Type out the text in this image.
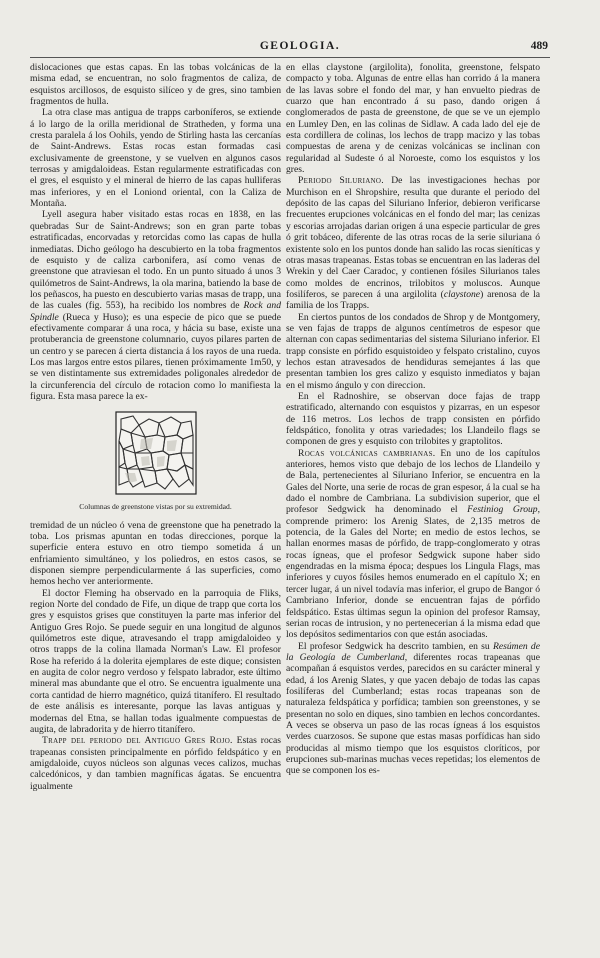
GEOLOGIA.	489

dislocaciones que estas capas. En las tobas volcánicas de la misma edad, se encuentran, no solo fragmentos de caliza, de esquistos arcillosos, de esquisto silíceo y de gres, sino tambien fragmentos de hulla.

La otra clase mas antigua de trapps carboníferos, se extiende á lo largo de la orilla meridional de Stratheden, y forma una cresta paralela á los Oohils, yendo de Stirling hasta las cercanías de Saint-Andrews. Estas rocas estan formadas casi exclusivamente de greenstone, y se vuelven en algunos casos terrosas y amigdaloideas. Estan regularmente estratificadas con el gres, el esquisto y el mineral de hierro de las capas hulliferas mas inferiores, y en el Loniond oriental, con la Caliza de Montaña.

Lyell asegura haber visitado estas rocas en 1838, en las quebradas Sur de Saint-Andrews; son en gran parte tobas estratificadas, encorvadas y retorcidas como las capas de hulla inmediatas. Dicho geólogo ha descubierto en la toba fragmentos de esquisto y de caliza carbonifera, así como venas de greenstone que atraviesan el todo. En un punto situado á unos 3 quilómetros de Saint-Andrews, la ola marina, batiendo la base de los peñascos, ha puesto en descubierto varias masas de trapp, una de las cuales (fig. 553), ha recibido los nombres de Rock and Spindle (Rueca y Huso); es una especie de pico que se puede efectivamente comparar á una roca, y hácia su base, existe una protuberancia de greenstone columnario, cuyos pilares parten de un centro y se parecen á cierta distancia á los rayos de una rueda. Los mas largos entre estos pilares, tienen próximamente 1m50, y se ven distintamente sus extremidades poligonales alrededor de la circunferencia del círculo de rotacion como lo manifiesta la figura. Esta masa parece la ex-

Columnas de greenstone vistas por su extremidad.

tremidad de un núcleo ó vena de greenstone que ha penetrado la toba. Los prismas apuntan en todas direcciones, porque la superficie entera estuvo en otro tiempo sometida á un enfriamiento simultáneo, y los poliedros, en estos casos, se disponen siempre perpendicularmente á las superficies, como hemos hecho ver anteriormente.

El doctor Fleming ha observado en la parroquia de Fliks, region Norte del condado de Fife, un dique de trapp que corta los gres y esquistos grises que constituyen la parte mas inferior del Antiguo Gres Rojo. Se puede seguir en una longitud de algunos quilómetros este dique, atravesando el trapp amigdaloideo y otros trapps de la colina llamada Norman's Law. El profesor Rose ha referido á la dolerita ejemplares de este dique; consisten en augita de color negro verdoso y felspato labrador, este último mineral mas abundante que el otro. Se encuentra igualmente una corta cantidad de hierro magnético, quizá titanífero. El resultado de este análisis es interesante, porque las lavas antiguas y modernas del Etna, se hallan todas igualmente compuestas de augita, de labradorita y de hierro titanífero.

Trapp del periodo del Antiguo Gres Rojo. Estas rocas trapeanas consisten principalmente en pórfido feldspático y en amigdaloide, cuyos núcleos son algunas veces calizos, muchas calcedónicos, y dan tambien magníficas ágatas. Se encuentra igualmente

en ellas claystone (argilolita), fonolita, greenstone, felspato compacto y toba. Algunas de entre ellas han corrido á la manera de las lavas sobre el fondo del mar, y han envuelto piedras de cuarzo que han encontrado á su paso, dando origen á conglomerados de pasta de greenstone, de que se ve un ejemplo en Lumley Den, en las colinas de Sidlaw. A cada lado del eje de esta cordillera de colinas, los lechos de trapp macizo y las tobas compuestas de arena y de cenizas volcánicas se inclinan con regularidad al Sudeste ó al Noroeste, como los esquistos y los gres.

Periodo Siluriano. De las investigaciones hechas por Murchison en el Shropshire, resulta que durante el periodo del depósito de las capas del Siluriano Inferior, debieron verificarse frecuentes erupciones volcánicas en el fondo del mar; las cenizas y escorias arrojadas darian origen á una especie particular de gres ó grit tobáceo, diferente de las otras rocas de la serie siluriana ó existente solo en los puntos donde han salido las rocas sieníticas y otras masas trapeanas. Estas tobas se encuentran en las laderas del Wrekin y del Caer Caradoc, y contienen fósiles Silurianos tales como moldes de encrinos, trilobitos y moluscos. Aunque fosilíferos, se parecen á una argilolita (claystone) arenosa de la familia de los Trapps.

En ciertos puntos de los condados de Shrop y de Montgomery, se ven fajas de trapps de algunos centímetros de espesor que alternan con capas sedimentarias del sistema Siluriano inferior. El trapp consiste en pórfido esquistoideo y felspato cristalino, cuyos lechos estan atravesados de hendiduras semejantes á las que presentan tambien los gres calizo y esquisto inmediatos y bajan en el mismo ángulo y con direccion.

En el Radnoshire, se observan doce fajas de trapp estratificado, alternando con esquistos y pizarras, en un espesor de 116 metros. Los lechos de trapp consisten en pórfido feldspático, fonolita y otras variedades; los Llandeilo flags se componen de gres y esquisto con trilobites y graptolitos.

Rocas volcánicas cambrianas. En uno de los capítulos anteriores, hemos visto que debajo de los lechos de Llandeilo y de Bala, pertenecientes al Siluriano Inferior, se encuentra en la Gales del Norte, una serie de rocas de gran espesor, á la cual se ha dado el nombre de Cambriana. La subdivision superior, que el profesor Sedgwick ha denominado el Festiniog Group, comprende primero: los Arenig Slates, de 2,135 metros de potencia, de la Gales del Norte; en medio de estos lechos, se hallan enormes masas de pórfido, de trapp-conglomerato y otras rocas ígneas, que el profesor Sedgwick supone haber sido engendradas en la misma época; despues los Lingula Flags, mas inferiores y cuyos fósiles hemos enumerado en el capítulo X; en tercer lugar, á un nivel todavía mas inferior, el grupo de Bangor ó Cambriano Inferior, donde se encuentran fajas de pórfido feldspático. Estas últimas segun la opinion del profesor Ramsay, serian rocas de intrusion, y no pertenecerian á la misma edad que los depósitos sedimentarios con que están asociadas.

El profesor Sedgwick ha descrito tambien, en su Resúmen de la Geología de Cumberland, diferentes rocas trapeanas que acompañan á esquistos verdes, parecidos en su carácter mineral y edad, á los Arenig Slates, y que yacen debajo de todas las capas fosilíferas del Cumberland; estas rocas trapeanas son de naturaleza feldspática y porfídica; tambien son greenstones, y se presentan no solo en diques, sino tambien en lechos concordantes. A veces se observa un paso de las rocas ígneas á los esquistos verdes cuarzosos. Se supone que estas masas porfídicas han sido producidas al mismo tiempo que los esquistos cloríticos, por erupciones sub-marinas muchas veces repetidas; los elementos de que se componen los es-
